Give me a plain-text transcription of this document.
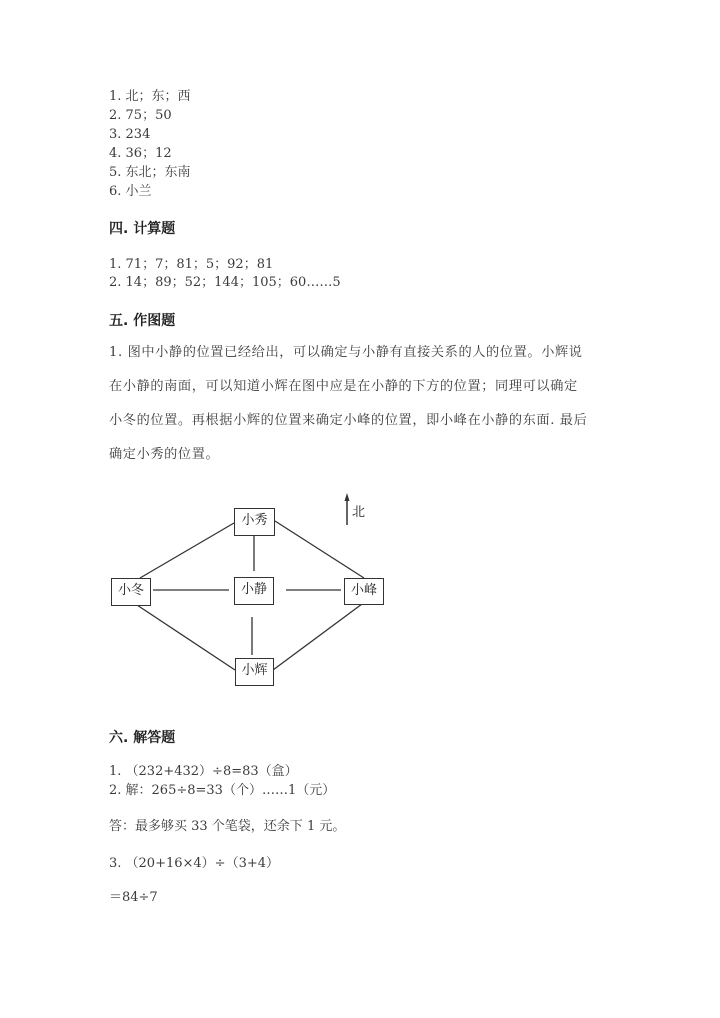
1. 北；东；西
2. 75；50
3. 234
4. 36；12
5. 东北；东南
6. 小兰
四. 计算题
1. 71；7；81；5；92；81
2. 14；89；52；144；105；60……5
五. 作图题
1. 图中小静的位置已经给出，可以确定与小静有直接关系的人的位置。小辉说
在小静的南面，可以知道小辉在图中应是在小静的下方的位置；同理可以确定
小冬的位置。再根据小辉的位置来确定小峰的位置，即小峰在小静的东面. 最后
确定小秀的位置。
北
小秀
小冬	小静	小峰
小辉
六. 解答题
1. （232+432）÷8=83（盒）
2. 解：265÷8=33（个）……1（元）
答：最多够买 33 个笔袋，还余下 1 元。
3. （20+16×4）÷（3+4）
＝84÷7
